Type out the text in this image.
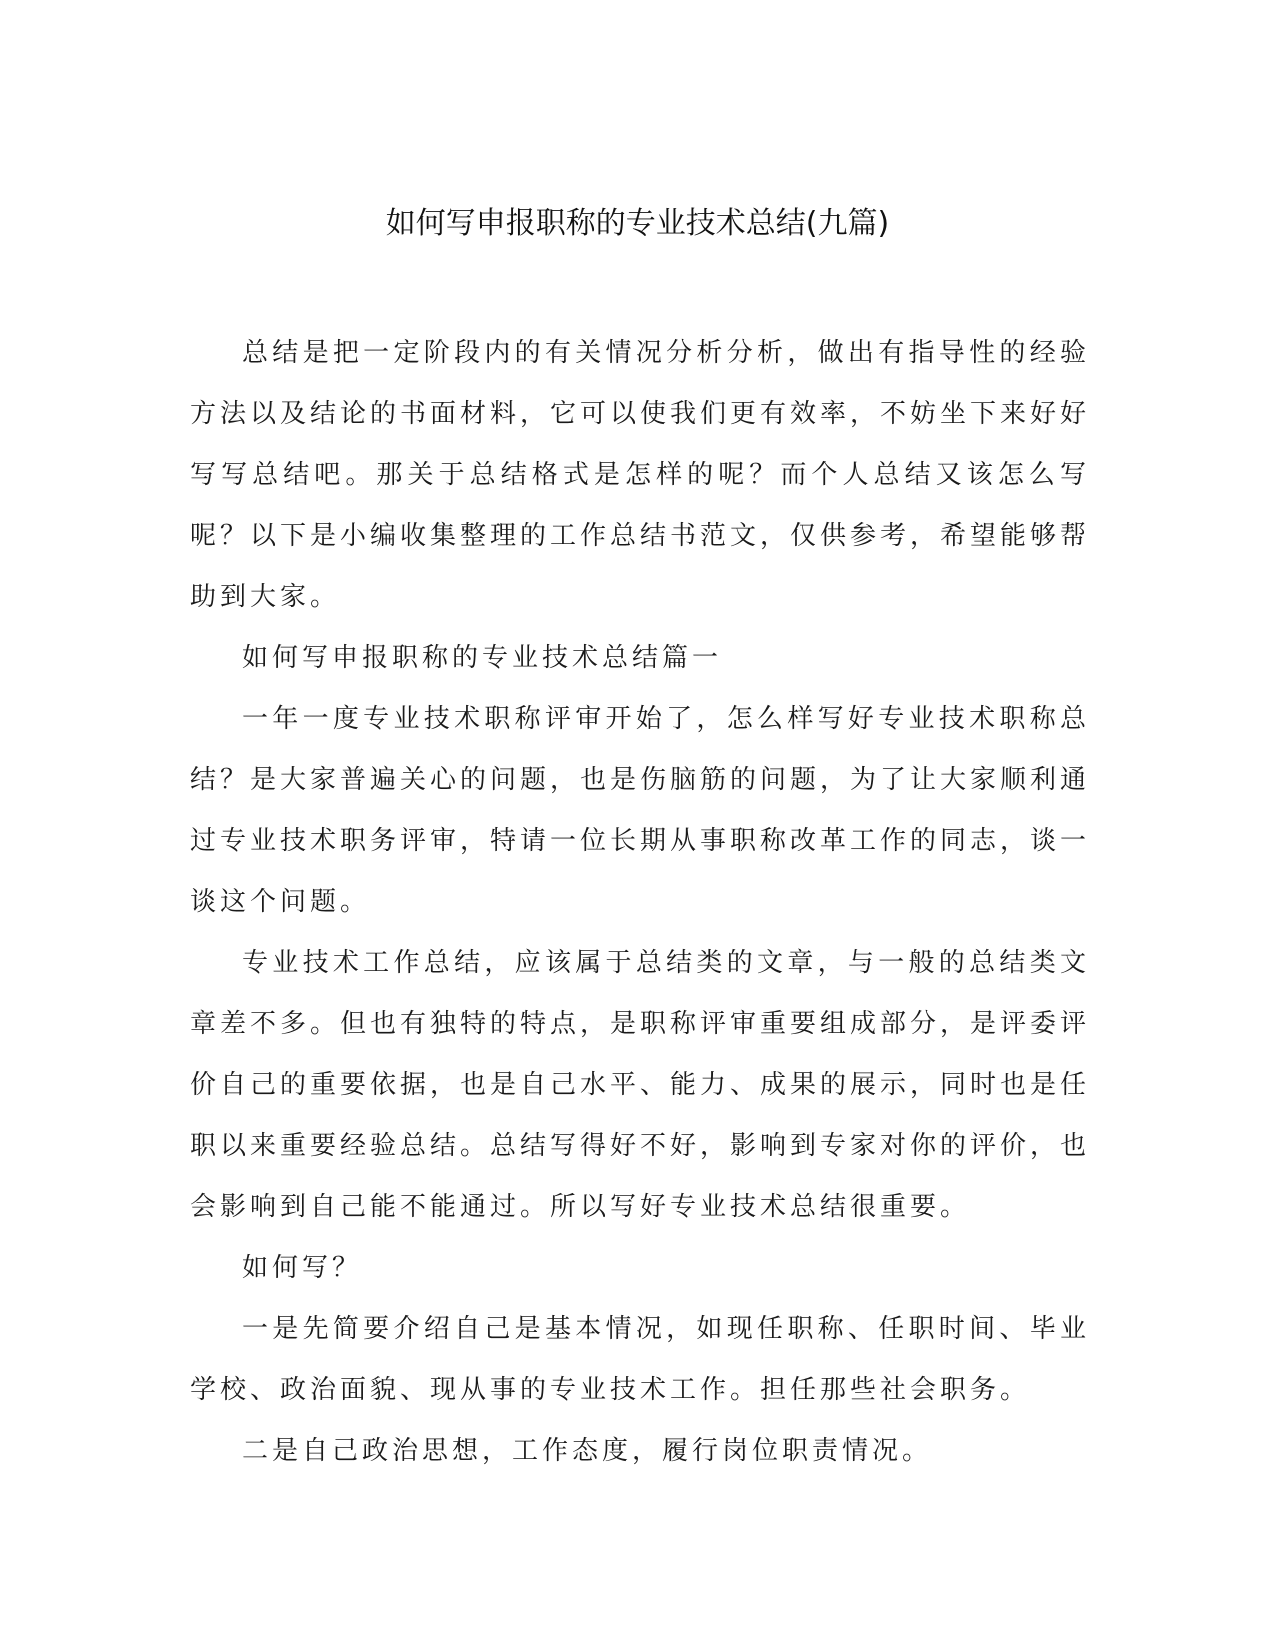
如何写申报职称的专业技术总结(九篇)

总结是把一定阶段内的有关情况分析分析，做出有指导性的经验方法以及结论的书面材料，它可以使我们更有效率，不妨坐下来好好写写总结吧。那关于总结格式是怎样的呢？而个人总结又该怎么写呢？以下是小编收集整理的工作总结书范文，仅供参考，希望能够帮助到大家。

如何写申报职称的专业技术总结篇一

一年一度专业技术职称评审开始了，怎么样写好专业技术职称总结？是大家普遍关心的问题，也是伤脑筋的问题，为了让大家顺利通过专业技术职务评审，特请一位长期从事职称改革工作的同志，谈一谈这个问题。

专业技术工作总结，应该属于总结类的文章，与一般的总结类文章差不多。但也有独特的特点，是职称评审重要组成部分，是评委评价自己的重要依据，也是自己水平、能力、成果的展示，同时也是任职以来重要经验总结。总结写得好不好，影响到专家对你的评价，也会影响到自己能不能通过。所以写好专业技术总结很重要。

如何写？

一是先简要介绍自己是基本情况，如现任职称、任职时间、毕业学校、政治面貌、现从事的专业技术工作。担任那些社会职务。

二是自己政治思想，工作态度，履行岗位职责情况。
